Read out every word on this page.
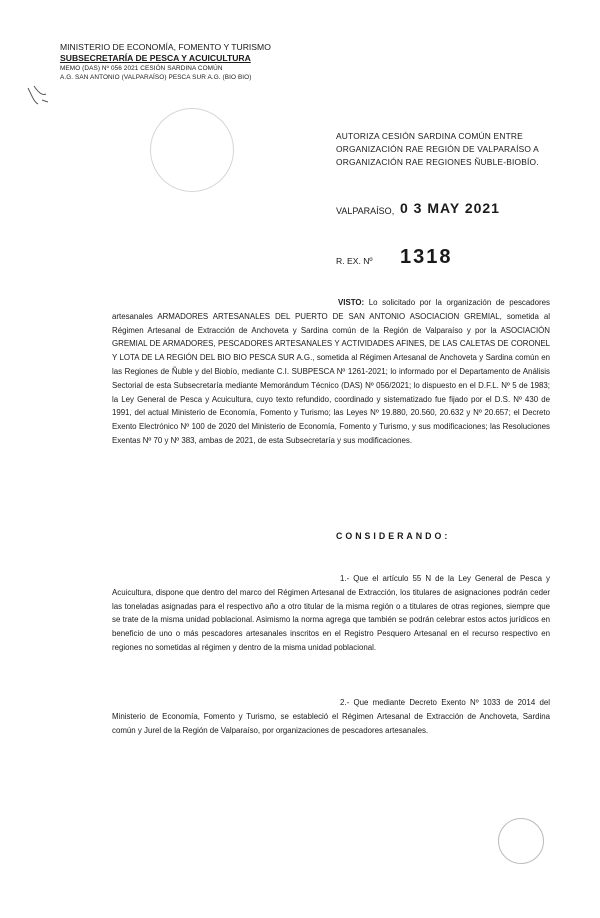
MINISTERIO DE ECONOMÍA, FOMENTO Y TURISMO
SUBSECRETARÍA DE PESCA Y ACUICULTURA
MEMO (DAS) Nº 056 2021 CESIÓN SARDINA COMÚN
A.G. SAN ANTONIO (VALPARAÍSO) PESCA SUR A.G. (BIO BIO)
AUTORIZA CESIÓN SARDINA COMÚN ENTRE ORGANIZACIÓN RAE REGIÓN DE VALPARAÍSO A ORGANIZACIÓN RAE REGIONES ÑUBLE-BIOBÍO.
VALPARAÍSO, 0 3 MAY 2021
R. EX. Nº 1318
VISTO: Lo solicitado por la organización de pescadores artesanales ARMADORES ARTESANALES DEL PUERTO DE SAN ANTONIO ASOCIACION GREMIAL, sometida al Régimen Artesanal de Extracción de Anchoveta y Sardina común de la Región de Valparaíso y por la ASOCIACIÓN GREMIAL DE ARMADORES, PESCADORES ARTESANALES Y ACTIVIDADES AFINES, DE LAS CALETAS DE CORONEL Y LOTA DE LA REGIÓN DEL BIO BIO PESCA SUR A.G., sometida al Régimen Artesanal de Anchoveta y Sardina común en las Regiones de Ñuble y del Biobío, mediante C.I. SUBPESCA Nº 1261-2021; lo informado por el Departamento de Análisis Sectorial de esta Subsecretaría mediante Memorándum Técnico (DAS) Nº 056/2021; lo dispuesto en el D.F.L. Nº 5 de 1983; la Ley General de Pesca y Acuicultura, cuyo texto refundido, coordinado y sistematizado fue fijado por el D.S. Nº 430 de 1991, del actual Ministerio de Economía, Fomento y Turismo; las Leyes Nº 19.880, 20.560, 20.632 y Nº 20.657; el Decreto Exento Electrónico Nº 100 de 2020 del Ministerio de Economía, Fomento y Turismo, y sus modificaciones; las Resoluciones Exentas Nº 70 y Nº 383, ambas de 2021, de esta Subsecretaría y sus modificaciones.
CONSIDERANDO:
1.- Que el artículo 55 N de la Ley General de Pesca y Acuicultura, dispone que dentro del marco del Régimen Artesanal de Extracción, los titulares de asignaciones podrán ceder las toneladas asignadas para el respectivo año a otro titular de la misma región o a titulares de otras regiones, siempre que se trate de la misma unidad poblacional. Asimismo la norma agrega que también se podrán celebrar estos actos jurídicos en beneficio de uno o más pescadores artesanales inscritos en el Registro Pesquero Artesanal en el recurso respectivo en regiones no sometidas al régimen y dentro de la misma unidad poblacional.
2.- Que mediante Decreto Exento Nº 1033 de 2014 del Ministerio de Economía, Fomento y Turismo, se estableció el Régimen Artesanal de Extracción de Anchoveta, Sardina común y Jurel de la Región de Valparaíso, por organizaciones de pescadores artesanales.
